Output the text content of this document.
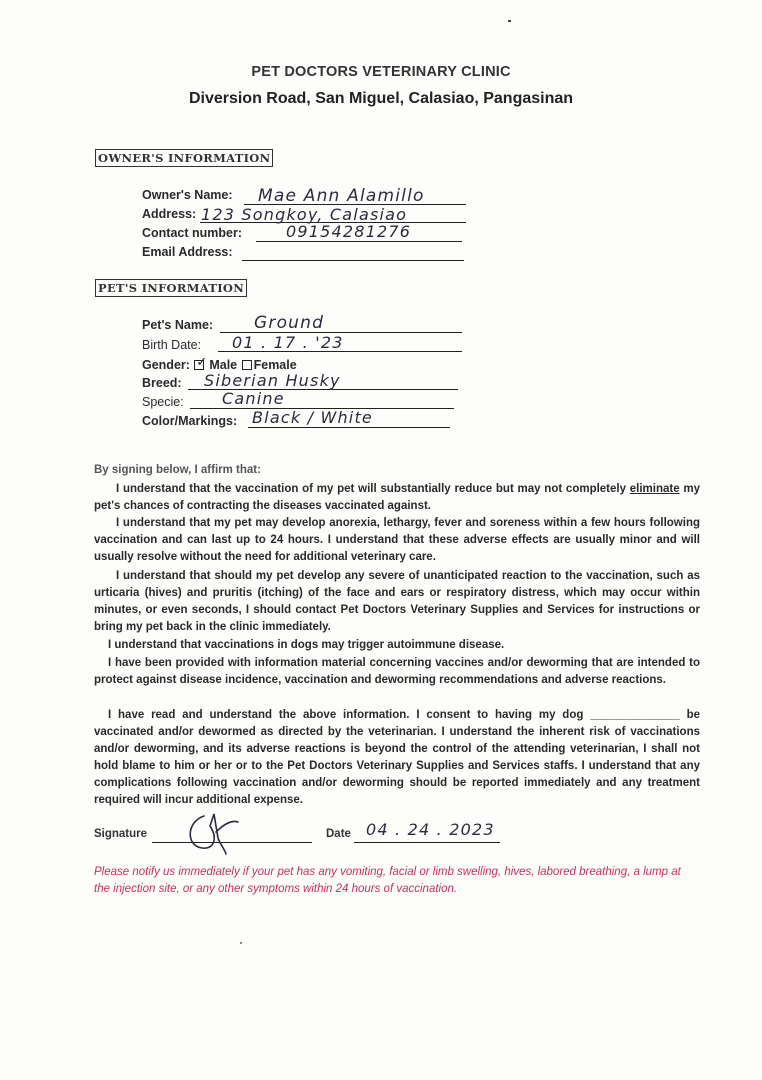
PET DOCTORS VETERINARY CLINIC
Diversion Road, San Miguel, Calasiao, Pangasinan
OWNER'S INFORMATION
Owner's Name: Mae Ann Alamillo
Address: 123 Songkoy, Calasiao
Contact number:	09154281276
Email Address:
PET'S INFORMATION
Pet's Name: Ground
Birth Date: 01 . 17 . '23
Gender: ✓ Male Female
Breed: Siberian Husky
Specie: Canine
Color/Markings: Black / White
By signing below, I affirm that:
I understand that the vaccination of my pet will substantially reduce but may not completely eliminate my pet's chances of contracting the diseases vaccinated against.
I understand that my pet may develop anorexia, lethargy, fever and soreness within a few hours following vaccination and can last up to 24 hours. I understand that these adverse effects are usually minor and will usually resolve without the need for additional veterinary care.
I understand that should my pet develop any severe of unanticipated reaction to the vaccination, such as urticaria (hives) and pruritis (itching) of the face and ears or respiratory distress, which may occur within minutes, or even seconds, I should contact Pet Doctors Veterinary Supplies and Services for instructions or bring my pet back in the clinic immediately.
I understand that vaccinations in dogs may trigger autoimmune disease.
I have been provided with information material concerning vaccines and/or deworming that are intended to protect against disease incidence, vaccination and deworming recommendations and adverse reactions.
I have read and understand the above information. I consent to having my dog ______________ be vaccinated and/or dewormed as directed by the veterinarian. I understand the inherent risk of vaccinations and/or deworming, and its adverse reactions is beyond the control of the attending veterinarian, I shall not hold blame to him or her or to the Pet Doctors Veterinary Supplies and Services staffs. I understand that any complications following vaccination and/or deworming should be reported immediately and any treatment required will incur additional expense.
Signature	Date 04 . 24 . 2023
Please notify us immediately if your pet has any vomiting, facial or limb swelling, hives, labored breathing, a lump at the injection site, or any other symptoms within 24 hours of vaccination.
